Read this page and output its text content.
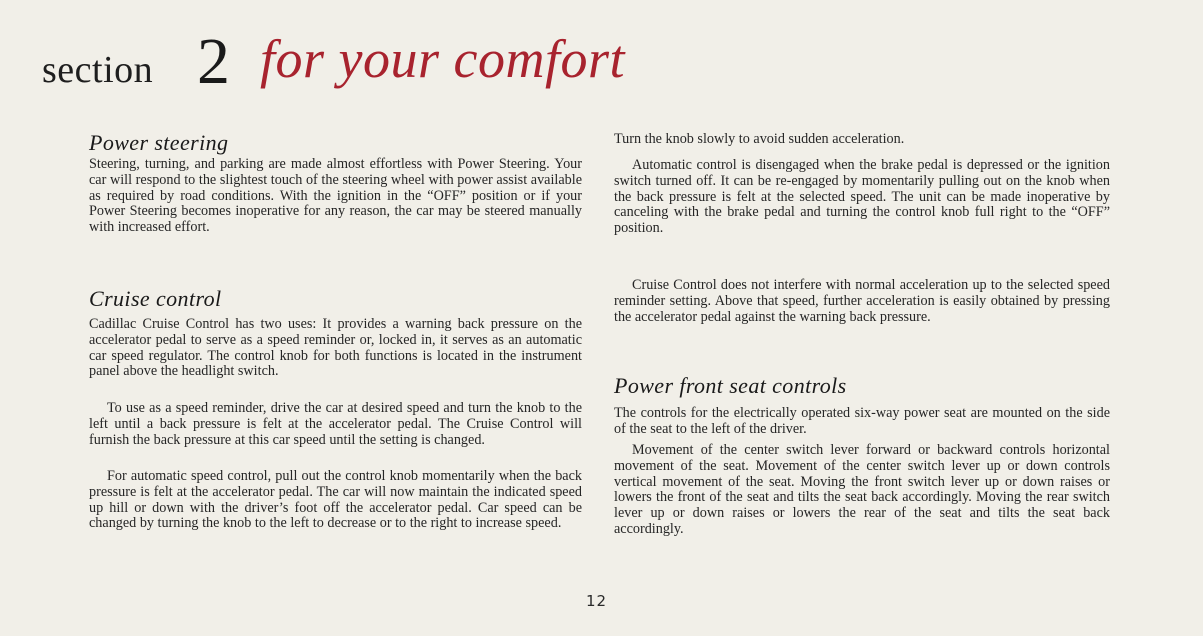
section 2 for your comfort
Power steering

Steering, turning, and parking are made almost effortless with Power Steering. Your car will respond to the slightest touch of the steering wheel with power assist available as required by road conditions. With the ignition in the “OFF” position or if your Power Steering becomes inoperative for any reason, the car may be steered manually with increased effort.

Cruise control

Cadillac Cruise Control has two uses: It provides a warning back pressure on the accelerator pedal to serve as a speed reminder or, locked in, it serves as an automatic car speed regulator. The control knob for both functions is located in the instrument panel above the headlight switch.

To use as a speed reminder, drive the car at desired speed and turn the knob to the left until a back pressure is felt at the accelerator pedal. The Cruise Control will furnish the back pressure at this car speed until the setting is changed.

For automatic speed control, pull out the control knob momentarily when the back pressure is felt at the accelerator pedal. The car will now maintain the indicated speed up hill or down with the driver’s foot off the accelerator pedal. Car speed can be changed by turning the knob to the left to decrease or to the right to increase speed.

Turn the knob slowly to avoid sudden acceleration.

Automatic control is disengaged when the brake pedal is depressed or the ignition switch turned off. It can be re-engaged by momentarily pulling out on the knob when the back pressure is felt at the selected speed. The unit can be made inoperative by canceling with the brake pedal and turning the control knob full right to the “OFF” position.

Cruise Control does not interfere with normal acceleration up to the selected speed reminder setting. Above that speed, further acceleration is easily obtained by pressing the accelerator pedal against the warning back pressure.

Power front seat controls

The controls for the electrically operated six-way power seat are mounted on the side of the seat to the left of the driver.

Movement of the center switch lever forward or backward controls horizontal movement of the seat. Movement of the center switch lever up or down controls vertical movement of the seat. Moving the front switch lever up or down raises or lowers the front of the seat and tilts the seat back accordingly. Moving the rear switch lever up or down raises or lowers the rear of the seat and tilts the seat back accordingly.

12
